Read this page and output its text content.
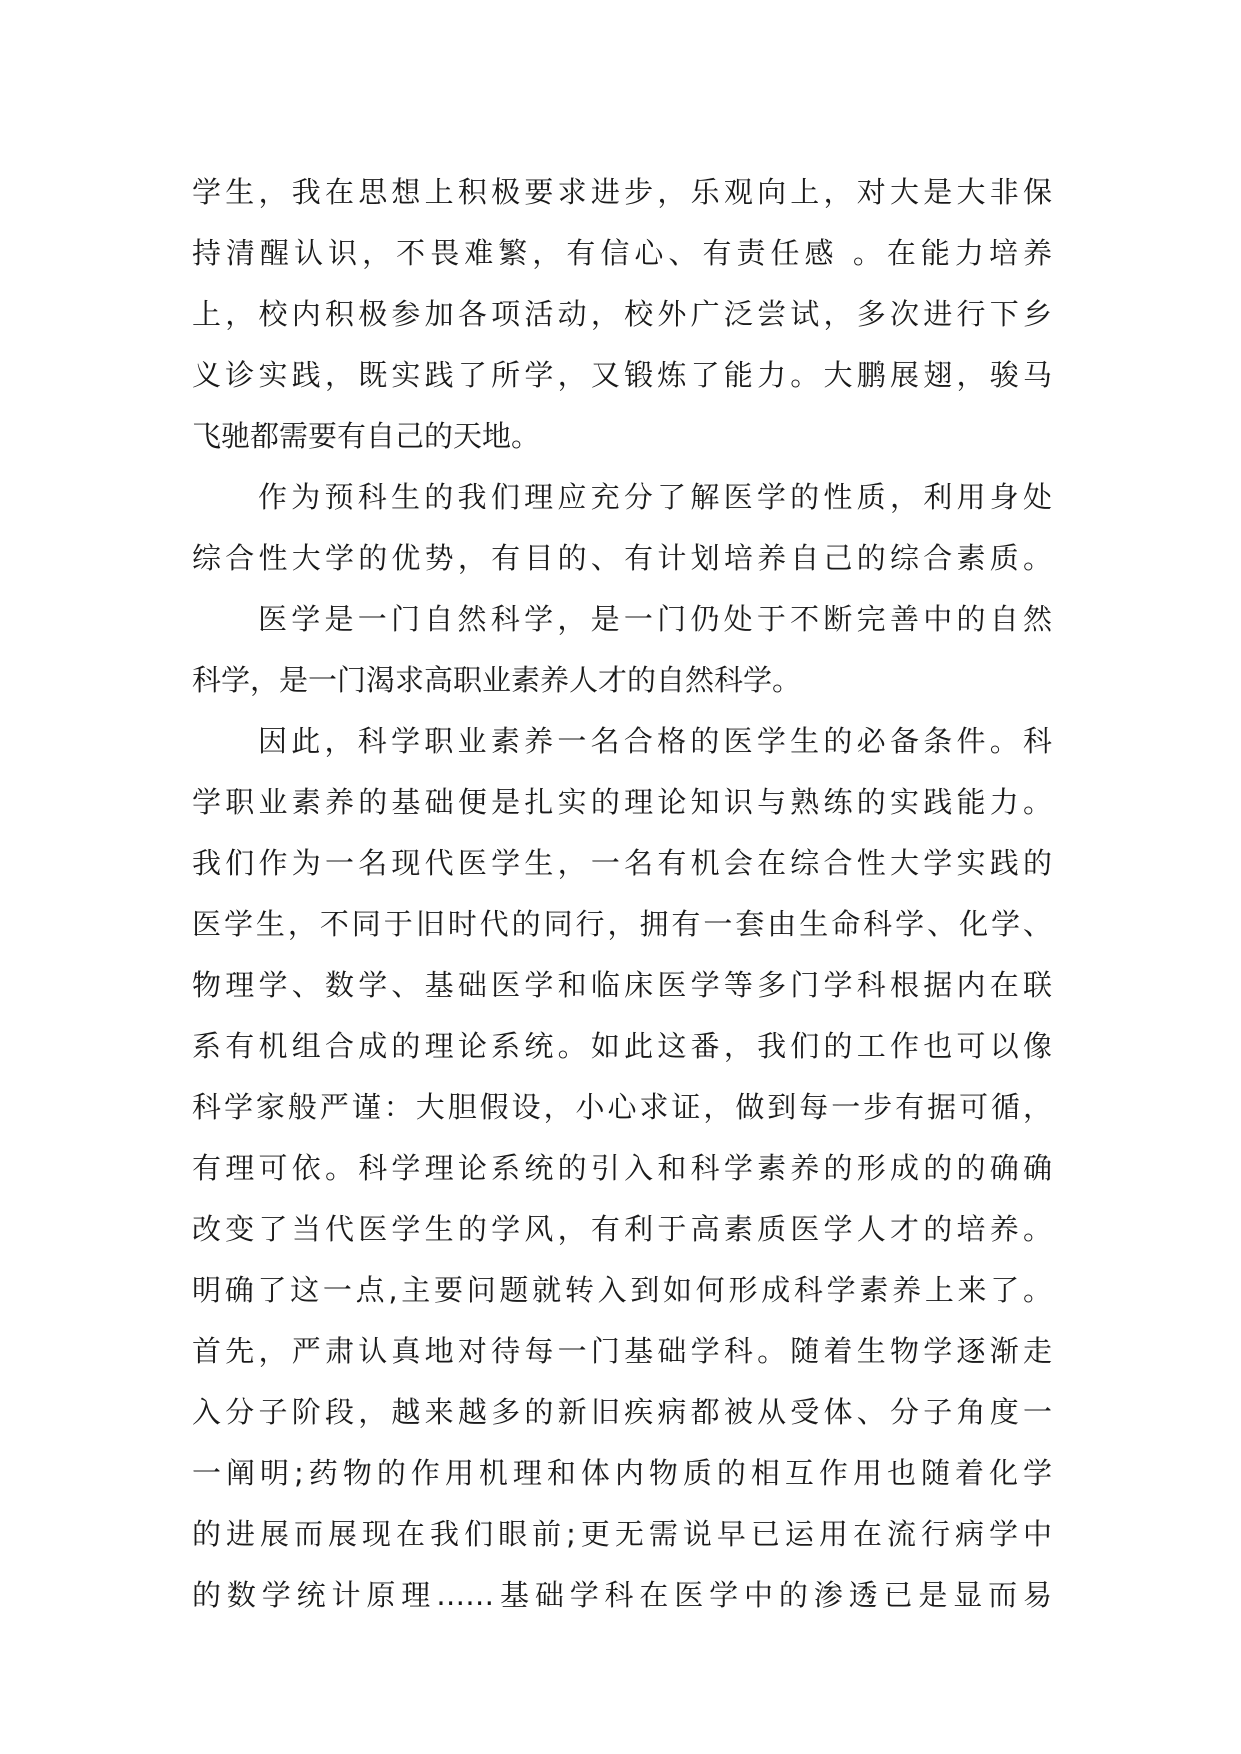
学生，我在思想上积极要求进步，乐观向上，对大是大非保
持清醒认识，不畏难繁，有信心、有责任感 。在能力培养
上，校内积极参加各项活动，校外广泛尝试，多次进行下乡
义诊实践，既实践了所学，又锻炼了能力。大鹏展翅，骏马
飞驰都需要有自己的天地。
作为预科生的我们理应充分了解医学的性质，利用身处
综合性大学的优势，有目的、有计划培养自己的综合素质。
医学是一门自然科学，是一门仍处于不断完善中的自然
科学，是一门渴求高职业素养人才的自然科学。
因此，科学职业素养一名合格的医学生的必备条件。科
学职业素养的基础便是扎实的理论知识与熟练的实践能力。
我们作为一名现代医学生，一名有机会在综合性大学实践的
医学生，不同于旧时代的同行，拥有一套由生命科学、化学、
物理学、数学、基础医学和临床医学等多门学科根据内在联
系有机组合成的理论系统。如此这番，我们的工作也可以像
科学家般严谨：大胆假设，小心求证，做到每一步有据可循，
有理可依。科学理论系统的引入和科学素养的形成的的确确
改变了当代医学生的学风，有利于高素质医学人才的培养。
明确了这一点,主要问题就转入到如何形成科学素养上来了。
首先，严肃认真地对待每一门基础学科。随着生物学逐渐走
入分子阶段，越来越多的新旧疾病都被从受体、分子角度一
一阐明;药物的作用机理和体内物质的相互作用也随着化学
的进展而展现在我们眼前;更无需说早已运用在流行病学中
的数学统计原理……基础学科在医学中的渗透已是显而易
